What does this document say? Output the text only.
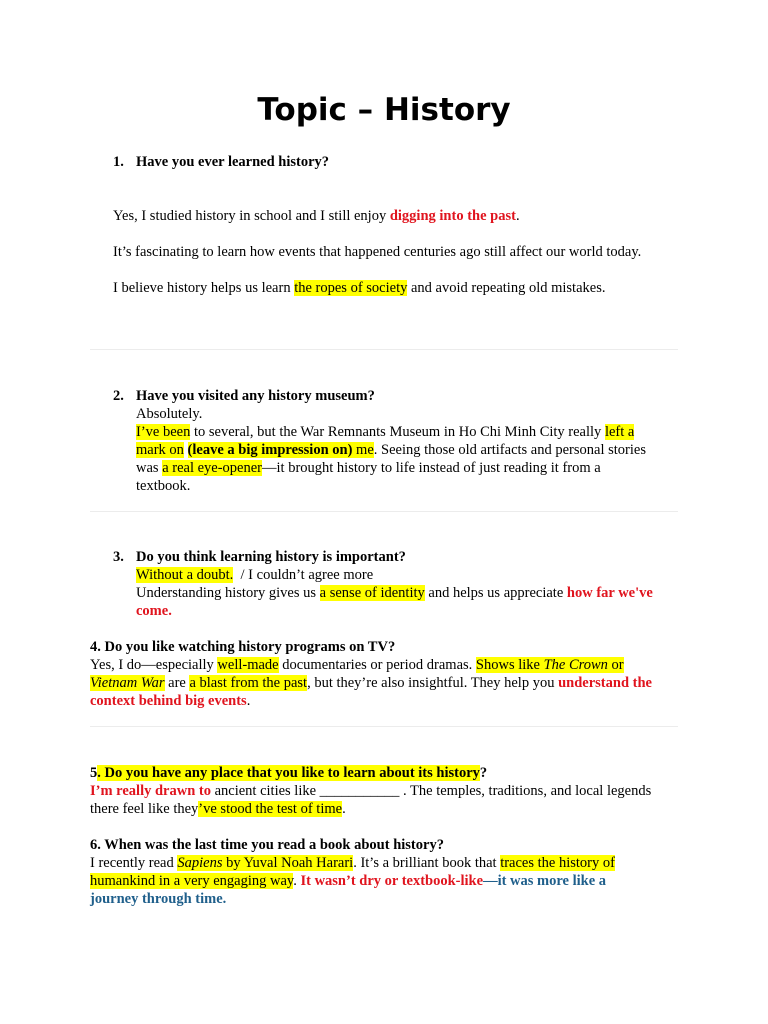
Topic – History
1. Have you ever learned history?
Yes, I studied history in school and I still enjoy digging into the past.
It’s fascinating to learn how events that happened centuries ago still affect our world today.
I believe history helps us learn the ropes of society and avoid repeating old mistakes.
2. Have you visited any history museum?
Absolutely.
I’ve been to several, but the War Remnants Museum in Ho Chi Minh City really left a
mark on (leave a big impression on) me. Seeing those old artifacts and personal stories
was a real eye-opener—it brought history to life instead of just reading it from a
textbook.
3. Do you think learning history is important?
Without a doubt.  / I couldn’t agree more
Understanding history gives us a sense of identity and helps us appreciate how far we've
come.
4. Do you like watching history programs on TV?
Yes, I do—especially well-made documentaries or period dramas. Shows like The Crown or
Vietnam War are a blast from the past, but they’re also insightful. They help you understand the
context behind big events.
5. Do you have any place that you like to learn about its history?
I’m really drawn to ancient cities like ___________ . The temples, traditions, and local legends
there feel like they’ve stood the test of time.
6. When was the last time you read a book about history?
I recently read Sapiens by Yuval Noah Harari. It’s a brilliant book that traces the history of
humankind in a very engaging way. It wasn’t dry or textbook-like—it was more like a
journey through time.
